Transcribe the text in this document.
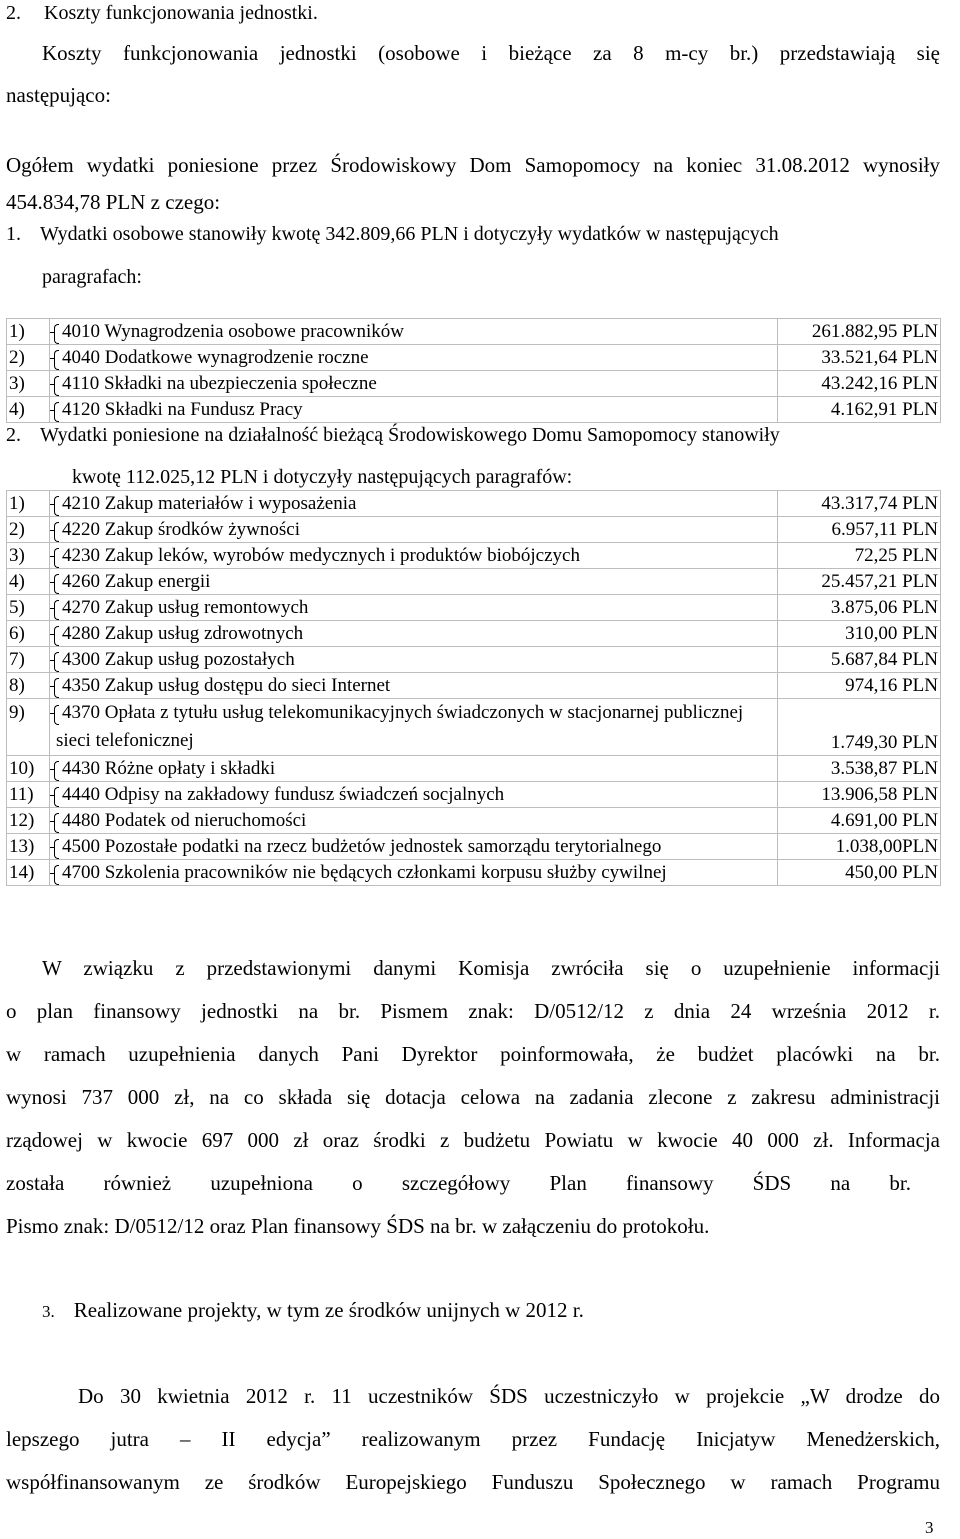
2. Koszty funkcjonowania jednostki.
Koszty funkcjonowania jednostki (osobowe i bieżące za 8 m-cy br.) przedstawiają się
następująco:
Ogółem wydatki poniesione przez Środowiskowy Dom Samopomocy na koniec 31.08.2012 wynosiły
454.834,78 PLN z czego:
1. Wydatki osobowe stanowiły kwotę 342.809,66 PLN i dotyczyły wydatków w następujących
paragrafach:
1)	4010 Wynagrodzenia osobowe pracowników	261.882,95 PLN
2)	4040 Dodatkowe wynagrodzenie roczne	33.521,64 PLN
3)	4110 Składki na ubezpieczenia społeczne	43.242,16 PLN
4)	4120 Składki na Fundusz Pracy	4.162,91 PLN
2. Wydatki poniesione na działalność bieżącą Środowiskowego Domu Samopomocy stanowiły
kwotę 112.025,12 PLN i dotyczyły następujących paragrafów:
1)	4210 Zakup materiałów i wyposażenia	43.317,74 PLN
2)	4220 Zakup środków żywności	6.957,11 PLN
3)	4230 Zakup leków, wyrobów medycznych i produktów biobójczych	72,25 PLN
4)	4260 Zakup energii	25.457,21 PLN
5)	4270 Zakup usług remontowych	3.875,06 PLN
6)	4280 Zakup usług zdrowotnych	310,00 PLN
7)	4300 Zakup usług pozostałych	5.687,84 PLN
8)	4350 Zakup usług dostępu do sieci Internet	974,16 PLN
9)	4370 Opłata z tytułu usług telekomunikacyjnych świadczonych w stacjonarnej publicznej
sieci telefonicznej	1.749,30 PLN
10)	4430 Różne opłaty i składki	3.538,87 PLN
11)	4440 Odpisy na zakładowy fundusz świadczeń socjalnych	13.906,58 PLN
12)	4480 Podatek od nieruchomości	4.691,00 PLN
13)	4500 Pozostałe podatki na rzecz budżetów jednostek samorządu terytorialnego	1.038,00PLN
14)	4700 Szkolenia pracowników nie będących członkami korpusu służby cywilnej	450,00 PLN
W związku z przedstawionymi danymi Komisja zwróciła się o uzupełnienie informacji
o plan finansowy jednostki na br. Pismem znak: D/0512/12 z dnia 24 września 2012 r.
w ramach uzupełnienia danych Pani Dyrektor poinformowała, że budżet placówki na br.
wynosi 737 000 zł, na co składa się dotacja celowa na zadania zlecone z zakresu administracji
rządowej w kwocie 697 000 zł oraz środki z budżetu Powiatu w kwocie 40 000 zł. Informacja
została również uzupełniona o szczegółowy Plan finansowy ŚDS na br.
Pismo znak: D/0512/12 oraz Plan finansowy ŚDS na br. w załączeniu do protokołu.
3. Realizowane projekty, w tym ze środków unijnych w 2012 r.
Do 30 kwietnia 2012 r. 11 uczestników ŚDS uczestniczyło w projekcie „W drodze do
lepszego jutra – II edycja” realizowanym przez Fundację Inicjatyw Menedżerskich,
współfinansowanym ze środków Europejskiego Funduszu Społecznego w ramach Programu
3
